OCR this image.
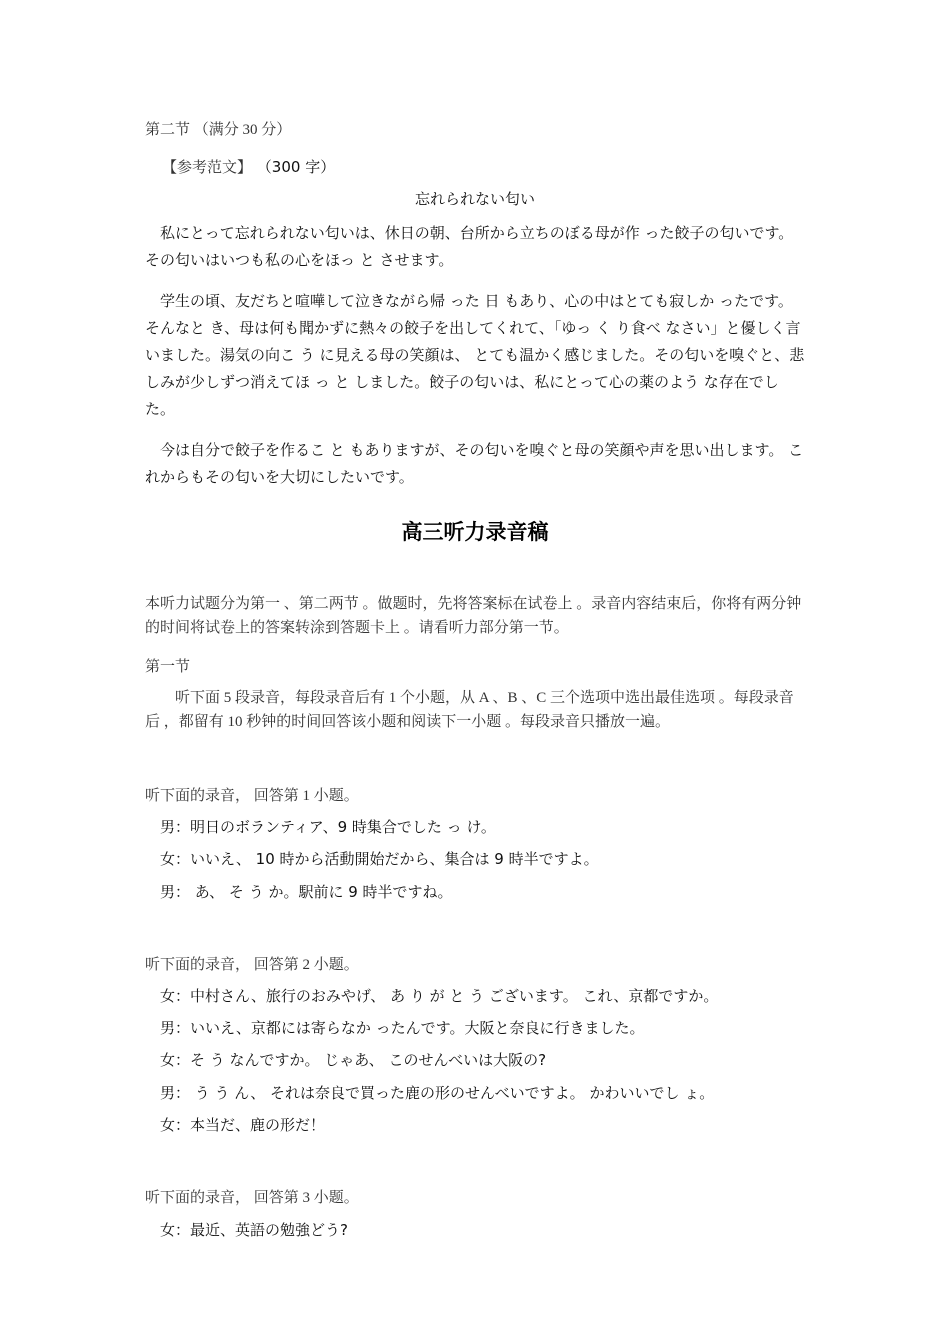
第二节 （满分 30 分）
【参考范文】 （300 字）
忘れられない匂い
　私にとって忘れられない匂いは、休日の朝、台所から立ちのぼる母が作 った餃子の匂いです。 その匂いはいつも私の心をほっ と させます。
　学生の頃、友だちと喧嘩して泣きながら帰 った 日 もあり、心の中はとても寂しか ったです。 そんなと き、母は何も聞かずに熱々の餃子を出してくれて、「ゆっ く り食べ なさい」と優しく言いました。湯気の向こ う に見える母の笑顔は、 とても温かく感じました。その匂いを嗅ぐと、悲しみが少しずつ消えてほ っ と しました。餃子の匂いは、私にとって心の薬のよう な存在でした。
　今は自分で餃子を作るこ と もありますが、その匂いを嗅ぐと母の笑顔や声を思い出します。 これからもその匂いを大切にしたいです。
高三听力录音稿
本听力试题分为第一 、第二两节 。做题时，先将答案标在试卷上 。录音内容结束后，你将有两分钟的时间将试卷上的答案转涂到答题卡上 。请看听力部分第一节。
第一节
　　听下面 5 段录音，每段录音后有 1 个小题，从 A 、B 、C 三个选项中选出最佳选项 。每段录音后 ，都留有 10 秒钟的时间回答该小题和阅读下一小题 。每段录音只播放一遍。
听下面的录音， 回答第 1 小题。
男：明日のボランティア、9 時集合でした っ け。
女：いいえ、 10 時から活動開始だから、集合は 9 時半ですよ。
男： あ、 そ う か。駅前に 9 時半ですね。
听下面的录音， 回答第 2 小题。
女：中村さん、旅行のおみやげ、 あ り が と う ございます。 これ、京都ですか。
男：いいえ、京都には寄らなか ったんです。大阪と奈良に行きました。
女：そ う なんですか。 じゃあ、 このせんべいは大阪の?
男： う う ん、 それは奈良で買った鹿の形のせんべいですよ。 かわいいでし ょ。
女：本当だ、鹿の形だ！
听下面的录音， 回答第 3 小题。
女：最近、英語の勉強どう?
